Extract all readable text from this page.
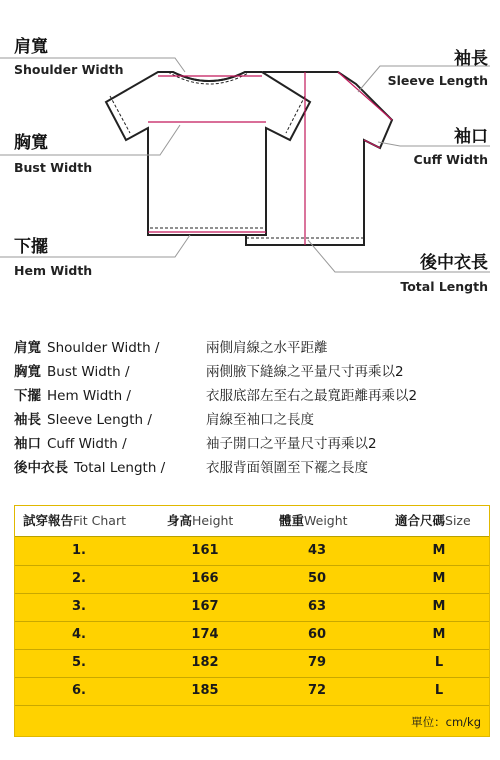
肩寬
Shoulder Width
胸寬
Bust Width
下擺
Hem Width
袖長
Sleeve Length
袖口
Cuff Width
後中衣長
Total Length
肩寬 Shoulder Width /	兩側肩線之水平距離
胸寬 Bust Width /	兩側腋下縫線之平量尺寸再乘以2
下擺 Hem Width /	衣服底部左至右之最寬距離再乘以2
袖長 Sleeve Length /	肩線至袖口之長度
袖口 Cuff Width /	袖子開口之平量尺寸再乘以2
後中衣長 Total Length /	衣服背面領圍至下襬之長度
試穿報告Fit Chart	身高Height	體重Weight	適合尺碼Size
1.	161	43	M
2.	166	50	M
3.	167	63	M
4.	174	60	M
5.	182	79	L
6.	185	72	L
單位：cm/kg
